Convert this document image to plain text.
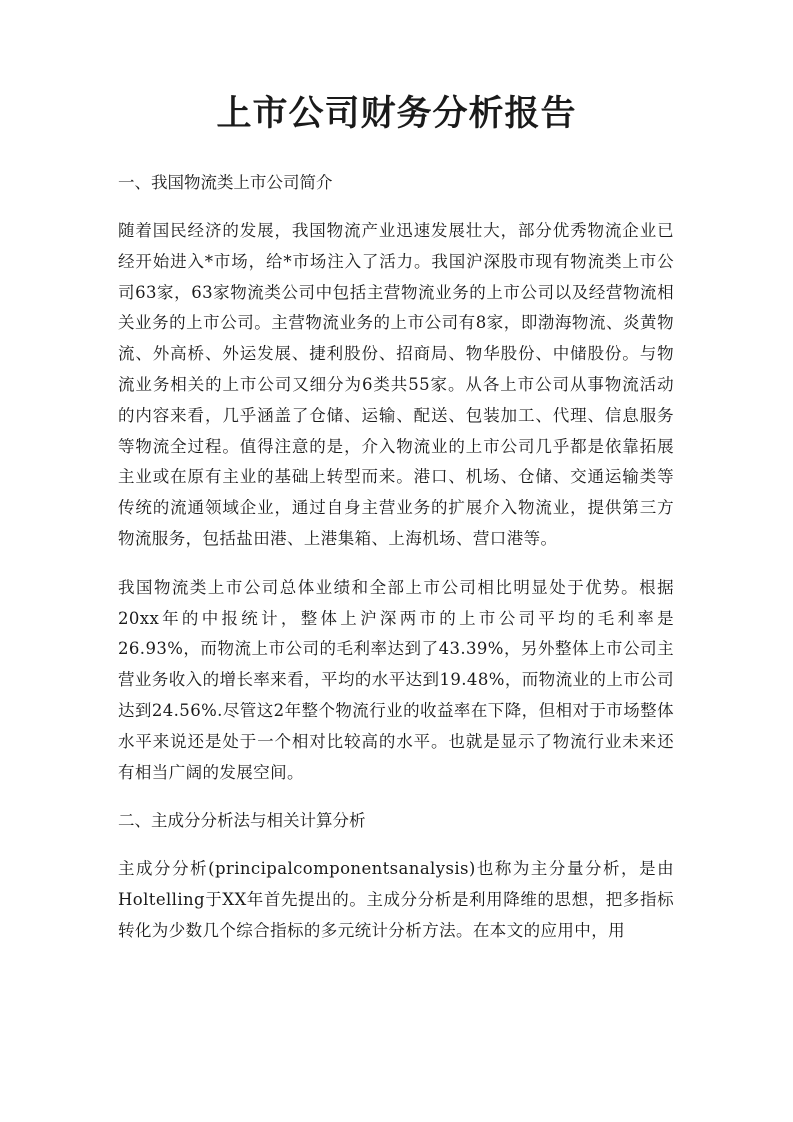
上市公司财务分析报告
一、我国物流类上市公司简介
随着国民经济的发展，我国物流产业迅速发展壮大，部分优秀物流企业已经开始进入*市场，给*市场注入了活力。我国沪深股市现有物流类上市公司63家，63家物流类公司中包括主营物流业务的上市公司以及经营物流相关业务的上市公司。主营物流业务的上市公司有8家，即渤海物流、炎黄物流、外高桥、外运发展、捷利股份、招商局、物华股份、中储股份。与物流业务相关的上市公司又细分为6类共55家。从各上市公司从事物流活动的内容来看，几乎涵盖了仓储、运输、配送、包装加工、代理、信息服务等物流全过程。值得注意的是，介入物流业的上市公司几乎都是依靠拓展主业或在原有主业的基础上转型而来。港口、机场、仓储、交通运输类等传统的流通领域企业，通过自身主营业务的扩展介入物流业，提供第三方物流服务，包括盐田港、上港集箱、上海机场、营口港等。
我国物流类上市公司总体业绩和全部上市公司相比明显处于优势。根据20xx年的中报统计，整体上沪深两市的上市公司平均的毛利率是26.93%，而物流上市公司的毛利率达到了43.39%，另外整体上市公司主营业务收入的增长率来看，平均的水平达到19.48%，而物流业的上市公司达到24.56%.尽管这2年整个物流行业的收益率在下降，但相对于市场整体水平来说还是处于一个相对比较高的水平。也就是显示了物流行业未来还有相当广阔的发展空间。
二、主成分分析法与相关计算分析
主成分分析(principalcomponentsanalysis)也称为主分量分析，是由Holtelling于XX年首先提出的。主成分分析是利用降维的思想，把多指标转化为少数几个综合指标的多元统计分析方法。在本文的应用中，用
